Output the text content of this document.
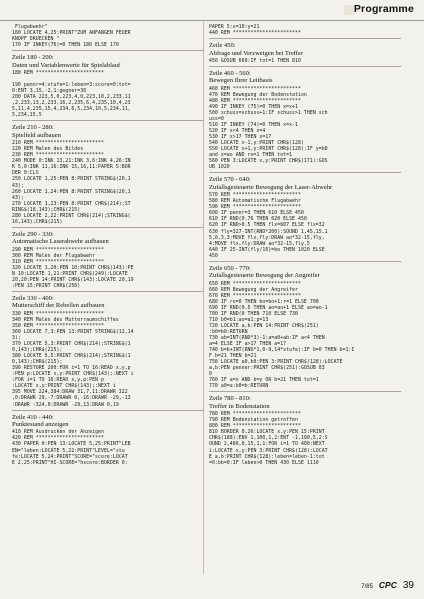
Programme
Flugabwehr"
160 LOCATE 4,25:PRINT"ZUM ANFANGEN FEUER
KNOPF DRUECKEN "
170 IF INKEY(76)=0 THEN 180 ELSE 170
Zeile 180 - 200:
Daten und Variablenwerte für Spielablauf
180 REM ***********************

190 pennr=4:stufe=1:leben=3:score=0:tot=
0:ENT 3,15,-2,1:gegner=30
200 DATA 223,5,0,223,4,0,223,10,2,233,11
,2,233,13,2,233,16,2,235,6,4,235,10,4,23
5,11,4,235,15,4,234,6,5,234,10,5,234,11,
5,234,15,5
Zeile 210 - 280:
Spielfeld aufbauen
210 REM ***********************
220 REM Malen des Bildes
230 REM ***********************
240 MODE 0:INK 13,21:INK 3,6:INK 4,26:IN
K 5,0:INK 11,16:INK 15,16,11:PAPER 5:BOR
DER 0:CLS
250 LOCATE 1,25:PEN 8:PRINT STRING$(20,1
43);
260 LOCATE 1,24:PEN 8:PRINT STRING$(20,1
43);
270 LOCATE 1,23:PEN 8:PRINT CHR$(214);ST
RING$(18,143);CHR$(215)
280 LOCATE 2,22:PRINT CHR$(214);STRING$(
16,143);CHR$(215)
Zeile 290 - 330:
Automatische Laserabwehr aufbauen
290 REM ***********************
300 REM Malen der Flugabwehr
310 REM ***********************
320 LOCATE 1,20:PEN 10:PRINT CHR$(143):PE
N 10:LOCATE 1,21:PRINT CHR$(249):LOCATE
20,20:PEN 14:PRINT CHR$(143):LOCATE 20,19
:PEN 15:PRINT CHR$(250)
Zeile 330 - 400:
Mutterschiff der Rebellen aufbauen
330 REM ***********************
340 REM Malen des Mutterraumschiffes
350 REM ***********************
360 LOCATE 7,3:PEN 13:PRINT STRING$(12,14
3);
370 LOCATE 5,3:PRINT CHR$(214);STRING$(1
0,143);CHR$(215);
380 LOCATE 5,5:PRINT CHR$(214);STRING$(1
0,143);CHR$(215);
390 RESTORE 200:FOR i=1 TO 16:READ x,y,p
:PEN p:LOCATE x,y:PRINT CHR$(143);:NEXT i
:FOR i=1 TO 16:READ x,y,p:PEN p
:LOCATE x,y:PRINT CHR$(143);:NEXT i
395 MOVE 224,384:DRAW 31,7,11:DRAWR 322
,0:DRAWR 29,-7:DRAWR 0,-16:DRAWR -29,-13
:DRAWR -324,0:DRAWR -29,13:DRAW 0,19
Zeile 410 - 440:
Punktestand anzeigen
410 REM Ausdrucken der Anzeigen
420 REM ***********************
430 PAPER 0:PEN 13:LOCATE 5,25:PRINT"LEB
EN="leben:LOCATE 5,22:PRINT"LEVEL="stu
fe:LOCATE 5,24:PRINT"SCORE="score:LOCAT
E 2,25:PRINT"HI-SCORE="hscore:BORDER 0:
PAPER 5:x=10:y=21
440 REM ***********************
Zeile 450:
Abfrage und Verzweigen bei Treffer
450 GOSUB 660:IF tot=1 THEN 810
Zeile 460 - 560:
Bewegen Ihrer Leitbasis
460 REM ***********************
470 REM Bewegung der Bodenstation
480 REM ***********************
490 IF INKEY (75)=0 THEN x=x+1
500 schuss=schuss+1:IF schuss>1 THEN sch
uss=0
510 IF INKEY (74)=0 THEN x=x-1
520 IF x<4 THEN x=4
530 IF x>17 THEN x=17
540 LOCATE x-1,y:PRINT CHR$(128)
550 LOCATE x+1,y:PRINT CHR$(128):IF y=b0
and x=ao AND ro=1 THEN tot=1
560 PEN 3:LOCATE x,y:PRINT CHR$(171):GOS
UB 1020
Zeile 570 - 640:
Zufallsgesteuerte Bewegung der Laser-Abwehr
570 REM ***********************
580 REM Automatische Flugabwehr
590 REM ***********************
600 IF pennr=3 THEN 610 ELSE 450
610 IF RND(0.76 THEN 620 ELSE 450
620 IF RND>0.5 THEN flx=607 ELSE flx=32
630 fly=327-INT(RND*200):SOUND 1,45,15,1
5,0,3,3:MOVE flx,fly:DRAW ao*32-15,fly,
4:MOVE flx,fly:DRAW ao*32-15,fly,5
640 IF 25-INT(fly/16)=bo THEN 1020 ELSE
450
Zeile 650 - 770:
Zufallsgesteuerte Bewegung der Angreifer
650 REM ***********************
660 REM Bewegung der Angreifer
670 REM ***********************
680 IF ro=0 THEN bo=bo+1:r=1 ELSE 700
690 IF RND(0.5 THEN ao=ao+1 ELSE ao=ao-1
700 IF RND(0 THEN 710 ELSE 730
710 b0=b1:ao=a1:p=13
720 LOCATE a,b:PEN 14:PRINT CHR$(251)
:b0=b0:RETURN
730 ab=INT(RND*3)-1:a=a0+ab:IF a<4 THEN
a=4 ELSE IF a>17 THEN a=17
740 b=b+INT(RND*1,0-9,14*stufe):IF b=0 THEN b=1:I
F b=21 THEN b=21
750 LOCATE a0,b0:PEN 3:PRINT CHR$(128):LOCATE
a,b:PEN penner:PRINT CHR$(251):GOSUB 83
0
760 IF a=x AND b=y OR b=21 THEN tot=1
770 a0=a:b0=b:RETURN
Zeile 780 - 810:
Treffer in Bodenstation
780 REM ***********************
790 REM Bodenstation getroffen
800 REM ***********************
810 BORDER 0,26:LOCATE x,y:PEN 15:PRINT
CHR$(188):ENV 1,100,1,2:ENT -1,100,5,2:S
OUND 2,486,0,15,1,1:FOR i=1 TO 400:NEXT
i:LOCATE x,y:PEN 3:PRINT CHR$(128):LOCAT
E a,b:PRINT CHR$(128):leben=leben-1:tot
=0:bb=0:IF leben>0 THEN 430 ELSE 1110
7/85 CPC 39
